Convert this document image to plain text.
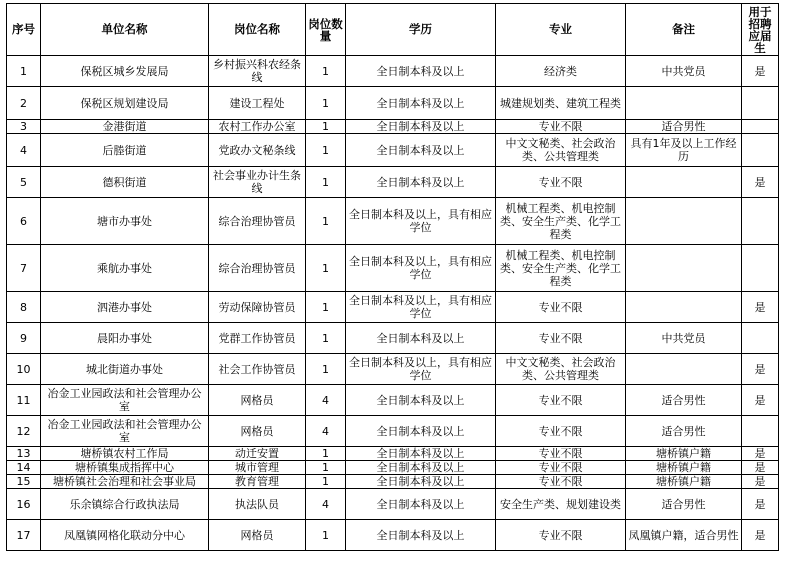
序号	单位名称	岗位名称	岗位数量	学历	专业	备注	用于招聘应届生
1	保税区城乡发展局	乡村振兴科农经条线	1	全日制本科及以上	经济类	中共党员	是
2	保税区规划建设局	建设工程处	1	全日制本科及以上	城建规划类、建筑工程类		
3	金港街道	农村工作办公室	1	全日制本科及以上	专业不限	适合男性	
4	后塍街道	党政办文秘条线	1	全日制本科及以上	中文文秘类、社会政治类、公共管理类	具有1年及以上工作经历	
5	德积街道	社会事业办计生条线	1	全日制本科及以上	专业不限		是
6	塘市办事处	综合治理协管员	1	全日制本科及以上，具有相应学位	机械工程类、机电控制类、安全生产类、化学工程类		
7	乘航办事处	综合治理协管员	1	全日制本科及以上，具有相应学位	机械工程类、机电控制类、安全生产类、化学工程类		
8	泗港办事处	劳动保障协管员	1	全日制本科及以上，具有相应学位	专业不限		是
9	晨阳办事处	党群工作协管员	1	全日制本科及以上	专业不限	中共党员	
10	城北街道办事处	社会工作协管员	1	全日制本科及以上，具有相应学位	中文文秘类、社会政治类、公共管理类		是
11	冶金工业园政法和社会管理办公室	网格员	4	全日制本科及以上	专业不限	适合男性	是
12	冶金工业园政法和社会管理办公室	网格员	4	全日制本科及以上	专业不限	适合男性	
13	塘桥镇农村工作局	动迁安置	1	全日制本科及以上	专业不限	塘桥镇户籍	是
14	塘桥镇集成指挥中心	城市管理	1	全日制本科及以上	专业不限	塘桥镇户籍	是
15	塘桥镇社会治理和社会事业局	教育管理	1	全日制本科及以上	专业不限	塘桥镇户籍	是
16	乐余镇综合行政执法局	执法队员	4	全日制本科及以上	安全生产类、规划建设类	适合男性	是
17	凤凰镇网格化联动分中心	网格员	1	全日制本科及以上	专业不限	凤凰镇户籍，适合男性	是
